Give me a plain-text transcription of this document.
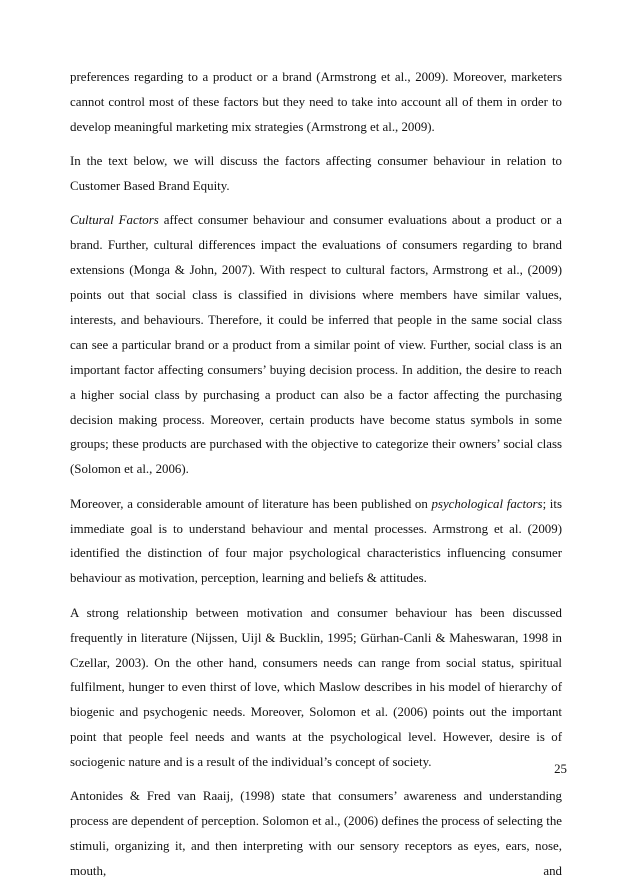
preferences regarding to a product or a brand (Armstrong et al., 2009). Moreover, marketers cannot control most of these factors but they need to take into account all of them in order to develop meaningful marketing mix strategies (Armstrong et al., 2009).

In the text below, we will discuss the factors affecting consumer behaviour in relation to Customer Based Brand Equity.

Cultural Factors affect consumer behaviour and consumer evaluations about a product or a brand. Further, cultural differences impact the evaluations of consumers regarding to brand extensions (Monga & John, 2007). With respect to cultural factors, Armstrong et al., (2009) points out that social class is classified in divisions where members have similar values, interests, and behaviours. Therefore, it could be inferred that people in the same social class can see a particular brand or a product from a similar point of view. Further, social class is an important factor affecting consumers’ buying decision process. In addition, the desire to reach a higher social class by purchasing a product can also be a factor affecting the purchasing decision making process. Moreover, certain products have become status symbols in some groups; these products are purchased with the objective to categorize their owners’ social class (Solomon et al., 2006).

Moreover, a considerable amount of literature has been published on psychological factors; its immediate goal is to understand behaviour and mental processes. Armstrong et al. (2009) identified the distinction of four major psychological characteristics influencing consumer behaviour as motivation, perception, learning and beliefs & attitudes.

A strong relationship between motivation and consumer behaviour has been discussed frequently in literature (Nijssen, Uijl & Bucklin, 1995; Gürhan-Canli & Maheswaran, 1998 in Czellar, 2003). On the other hand, consumers needs can range from social status, spiritual fulfilment, hunger to even thirst of love, which Maslow describes in his model of hierarchy of biogenic and psychogenic needs. Moreover, Solomon et al. (2006) points out the important point that people feel needs and wants at the psychological level. However, desire is of sociogenic nature and is a result of the individual’s concept of society.

Antonides & Fred van Raaij, (1998) state that consumers’ awareness and understanding process are dependent of perception. Solomon et al., (2006) defines the process of selecting the stimuli, organizing it, and then interpreting with our sensory receptors as eyes, ears, nose, mouth, and

25
